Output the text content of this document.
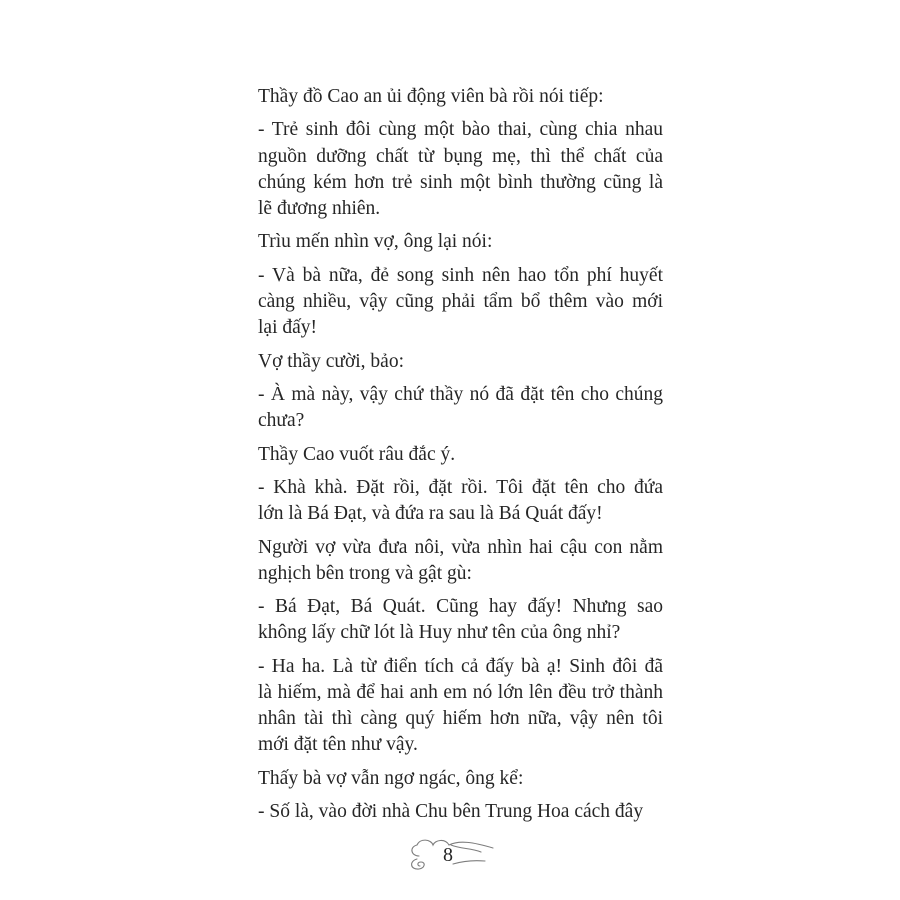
Thầy đồ Cao an ủi động viên bà rồi nói tiếp:
- Trẻ sinh đôi cùng một bào thai, cùng chia nhau
nguồn dưỡng chất từ bụng mẹ, thì thể chất của
chúng kém hơn trẻ sinh một bình thường cũng là
lẽ đương nhiên.
Trìu mến nhìn vợ, ông lại nói:
- Và bà nữa, đẻ song sinh nên hao tổn phí huyết
càng nhiều, vậy cũng phải tẩm bổ thêm vào mới
lại đấy!
Vợ thầy cười, bảo:
- À mà này, vậy chứ thầy nó đã đặt tên cho chúng
chưa?
Thầy Cao vuốt râu đắc ý.
- Khà khà. Đặt rồi, đặt rồi. Tôi đặt tên cho đứa
lớn là Bá Đạt, và đứa ra sau là Bá Quát đấy!
Người vợ vừa đưa nôi, vừa nhìn hai cậu con nằm
nghịch bên trong và gật gù:
- Bá Đạt, Bá Quát. Cũng hay đấy! Nhưng sao
không lấy chữ lót là Huy như tên của ông nhỉ?
- Ha ha. Là từ điển tích cả đấy bà ạ! Sinh đôi đã
là hiếm, mà để hai anh em nó lớn lên đều trở thành
nhân tài thì càng quý hiếm hơn nữa, vậy nên tôi
mới đặt tên như vậy.
Thấy bà vợ vẫn ngơ ngác, ông kể:
- Số là, vào đời nhà Chu bên Trung Hoa cách đây
8
